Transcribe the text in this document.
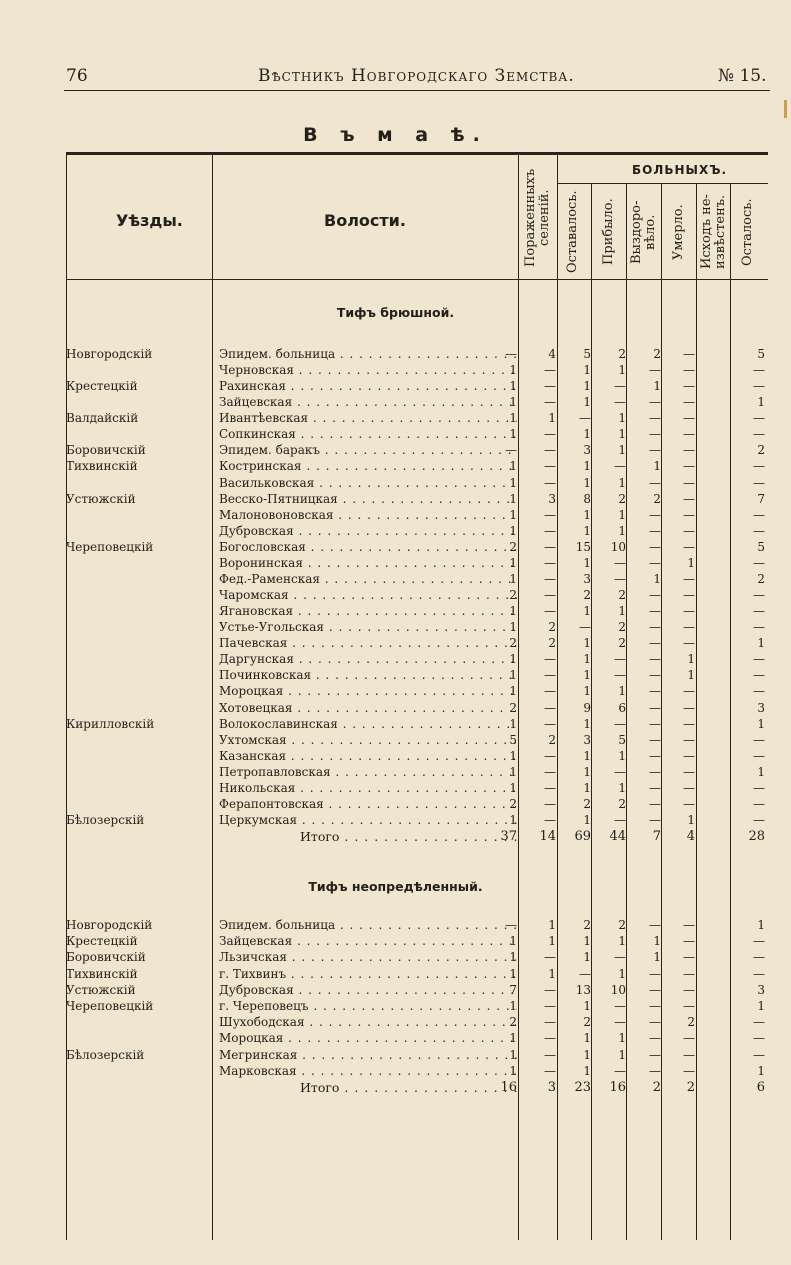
76	Вѣстникъ Новгородскаго Земства.	№ 15.
В ъ м а ѣ.
Уѣзды.	Волости.	Пораженныхъ
селеній.
БОЛЬНЫХЪ.
Оставалось. Прибыло. Выздоро-
вѣло. Умерло. Исходъ не-
извѣстенъ. Осталось.
Тифъ брюшной.
Новгородскій	Эпидем. больница . . .	—	4 5 2 2 —	5
Черновская . . .	1 — 1 1 — —	—
Крестецкій	Рахинская . . .	1 — 1 — 1 —	—
Зайцевская . . .	1 — 1 — — —	1
Валдайскій	Ивантѣевская . . .	1	1 — 1 — —	—
Сопкинская . . .	1 — 1 1 — —	—
Боровичскій	Эпидем. баракъ . . .	— — 3 1 — —	2
Тихвинскій	Костринская . . .	1 — 1 — 1 —	—
Васильковская . . .	1 — 1 1 — —	—
Устюжскій	Весско-Пятницкая . . .	1	3 8 2 2 —	7
Малоновоновская . . .	1 — 1 1 — —	—
Дубровская . . .	1 — 1 1 — —	—
Череповецкій	Богословская . . .	2 — 15 10 — —	5
Воронинская . . .	1 — 1 — — 1	—
Фед.-Раменская . . .	1 — 3 — 1 —	2
Чаромская . . .	2 — 2 2 — —	—
Ягановская . . .	1 — 1 1 — —	—
Устье-Угольская . . .	1	2 — 2 — —	—
Пачевская . . .	2	2 1 2 — —	1
Даргунская . . .	1 — 1 — — 1	—
Починковская . . .	1 — 1 — — 1	—
Мороцкая . . .	1 — 1 1 — —	—
Хотовецкая . . .	2 — 9 6 — —	3
Кирилловскій	Волокославинская . . .	1 — 1 — — —	1
Ухтомская . . .	5	2 3 5 — —	—
Казанская . . .	1 — 1 1 — —	—
Петропавловская . . .	1 — 1 — — —	1
Никольская . . .	1 — 1 1 — —	—
Ферапонтовская . . .	2 — 2 2 — —	—
Бѣлозерскій	Церкумская . . .	1 — 1 — — 1	—
Итого . . .	37 14 69 44 7 4	28
Тифъ неопредѣленный.
Новгородскій	Эпидем. больница . . .	—	1 2 2 — —	1
Крестецкій	Зайцевская . . .	1	1 1 1 1 —	—
Боровичскій	Льзичская . . .	1 — 1 — 1 —	—
Тихвинскій	г. Тихвинъ . . .	1	1 — 1 — —	—
Устюжскій	Дубровская . . .	7 — 13 10 — —	3
Череповецкій	г. Череповецъ . . .	1 — 1 — — —	1
Шухободская . . .	2 — 2 — — 2	—
Мороцкая . . .	1 — 1 1 — —	—
Бѣлозерскій	Мегринская . . .	1 — 1 1 — —	—
Марковская . . .	1 — 1 — — —	1
Итого . . .	16 3 23 16 2 2	6
